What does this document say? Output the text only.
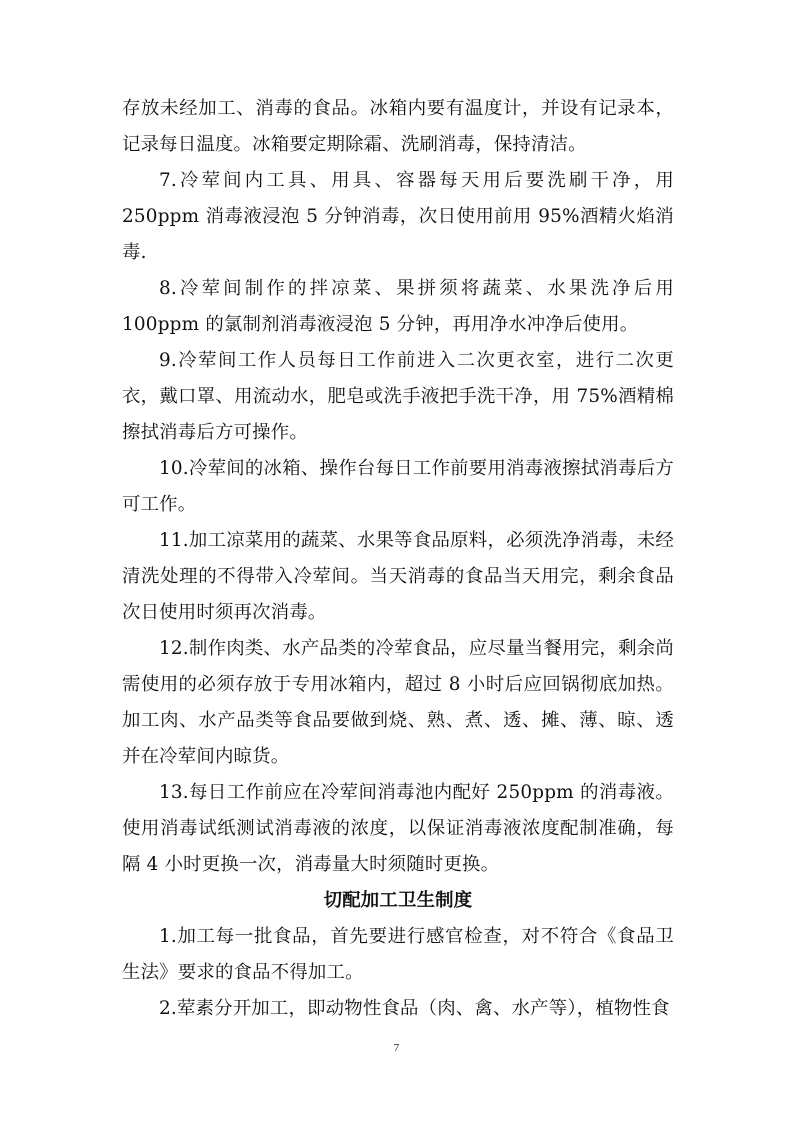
存放未经加工、消毒的食品。冰箱内要有温度计，并设有记录本，记录每日温度。冰箱要定期除霜、洗刷消毒，保持清洁。

7.冷荤间内工具、用具、容器每天用后要洗刷干净，用 250ppm 消毒液浸泡 5 分钟消毒，次日使用前用 95%酒精火焰消毒.

8.冷荤间制作的拌凉菜、果拼须将蔬菜、水果洗净后用 100ppm 的氯制剂消毒液浸泡 5 分钟，再用净水冲净后使用。

9.冷荤间工作人员每日工作前进入二次更衣室，进行二次更衣，戴口罩、用流动水，肥皂或洗手液把手洗干净，用 75%酒精棉擦拭消毒后方可操作。

10.冷荤间的冰箱、操作台每日工作前要用消毒液擦拭消毒后方可工作。

11.加工凉菜用的蔬菜、水果等食品原料，必须洗净消毒，未经清洗处理的不得带入冷荤间。当天消毒的食品当天用完，剩余食品次日使用时须再次消毒。

12.制作肉类、水产品类的冷荤食品，应尽量当餐用完，剩余尚需使用的必须存放于专用冰箱内，超过 8 小时后应回锅彻底加热。加工肉、水产品类等食品要做到烧、熟、煮、透、摊、薄、晾、透并在冷荤间内晾货。

13.每日工作前应在冷荤间消毒池内配好 250ppm 的消毒液。使用消毒试纸测试消毒液的浓度，以保证消毒液浓度配制准确，每隔 4 小时更换一次，消毒量大时须随时更换。

切配加工卫生制度

1.加工每一批食品，首先要进行感官检查，对不符合《食品卫生法》要求的食品不得加工。

2.荤素分开加工，即动物性食品（肉、禽、水产等），植物性食

7
